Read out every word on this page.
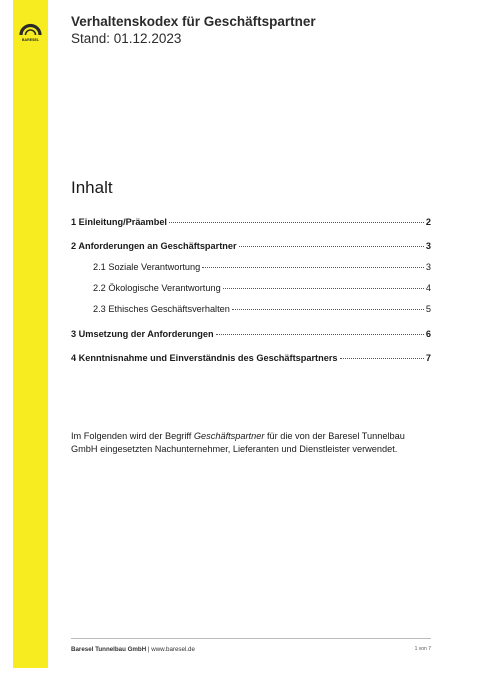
BARESEL
Verhaltenskodex für Geschäftspartner
Stand: 01.12.2023
Inhalt
1 Einleitung/Präambel	2
2 Anforderungen an Geschäftspartner	3
2.1 Soziale Verantwortung	3
2.2 Ökologische Verantwortung	4
2.3 Ethisches Geschäftsverhalten	5
3 Umsetzung der Anforderungen	6
4 Kenntnisnahme und Einverständnis des Geschäftspartners	7
Im Folgenden wird der Begriff Geschäftspartner für die von der Baresel Tunnelbau GmbH eingesetzten Nachunternehmer, Lieferanten und Dienstleister verwendet.
Baresel Tunnelbau GmbH | www.baresel.de	1 von 7
